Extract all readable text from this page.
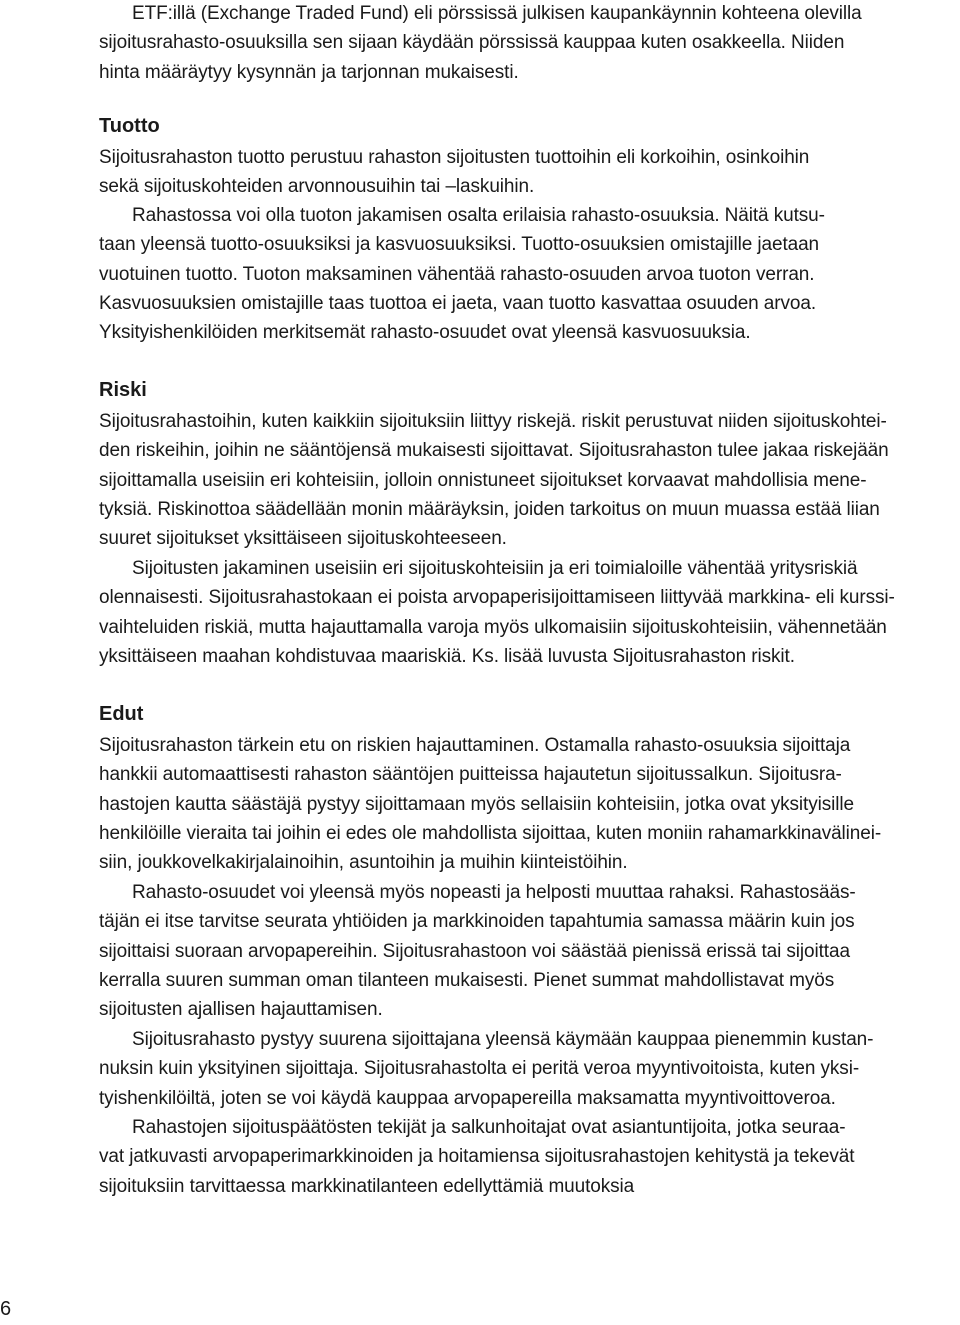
ETF:illä (Exchange Traded Fund) eli pörssissä julkisen kaupankäynnin kohteena olevilla
sijoitusrahasto-osuuksilla sen sijaan käydään pörssissä kauppaa kuten osakkeella. Niiden
hinta määräytyy kysynnän ja tarjonnan mukaisesti.

Tuotto

Sijoitusrahaston tuotto perustuu rahaston sijoitusten tuottoihin eli korkoihin, osinkoihin
sekä sijoituskohteiden arvonnousuihin tai –laskuihin.

Rahastossa voi olla tuoton jakamisen osalta erilaisia rahasto-osuuksia. Näitä kutsu-
taan yleensä tuotto-osuuksiksi ja kasvuosuuksiksi. Tuotto-osuuksien omistajille jaetaan
vuotuinen tuotto. Tuoton maksaminen vähentää rahasto-osuuden arvoa tuoton verran.
Kasvuosuuksien omistajille taas tuottoa ei jaeta, vaan tuotto kasvattaa osuuden arvoa.
Yksityishenkilöiden merkitsemät rahasto-osuudet ovat yleensä kasvuosuuksia.

Riski

Sijoitusrahastoihin, kuten kaikkiin sijoituksiin liittyy riskejä. riskit perustuvat niiden sijoituskohtei-
den riskeihin, joihin ne sääntöjensä mukaisesti sijoittavat. Sijoitusrahaston tulee jakaa riskejään
sijoittamalla useisiin eri kohteisiin, jolloin onnistuneet sijoitukset korvaavat mahdollisia mene-
tyksiä. Riskinottoa säädellään monin määräyksin, joiden tarkoitus on muun muassa estää liian
suuret sijoitukset yksittäiseen sijoituskohteeseen.

Sijoitusten jakaminen useisiin eri sijoituskohteisiin ja eri toimialoille vähentää yritysriskiä
olennaisesti. Sijoitusrahastokaan ei poista arvopaperisijoittamiseen liittyvää markkina- eli kurssi-
vaihteluiden riskiä, mutta hajauttamalla varoja myös ulkomaisiin sijoituskohteisiin, vähennetään
yksittäiseen maahan kohdistuvaa maariskiä. Ks. lisää luvusta Sijoitusrahaston riskit.

Edut

Sijoitusrahaston tärkein etu on riskien hajauttaminen. Ostamalla rahasto-osuuksia sijoittaja
hankkii automaattisesti rahaston sääntöjen puitteissa hajautetun sijoitussalkun. Sijoitusra-
hastojen kautta säästäjä pystyy sijoittamaan myös sellaisiin kohteisiin, jotka ovat yksityisille
henkilöille vieraita tai joihin ei edes ole mahdollista sijoittaa, kuten moniin rahamarkkinavälinei-
siin, joukkovelkakirjalainoihin, asuntoihin ja muihin kiinteistöihin.

Rahasto-osuudet voi yleensä myös nopeasti ja helposti muuttaa rahaksi. Rahastosääs-
täjän ei itse tarvitse seurata yhtiöiden ja markkinoiden tapahtumia samassa määrin kuin jos
sijoittaisi suoraan arvopapereihin. Sijoitusrahastoon voi säästää pienissä erissä tai sijoittaa
kerralla suuren summan oman tilanteen mukaisesti. Pienet summat mahdollistavat myös
sijoitusten ajallisen hajauttamisen.

Sijoitusrahasto pystyy suurena sijoittajana yleensä käymään kauppaa pienemmin kustan-
nuksin kuin yksityinen sijoittaja. Sijoitusrahastolta ei peritä veroa myyntivoitoista, kuten yksi-
tyishenkilöiltä, joten se voi käydä kauppaa arvopapereilla maksamatta myyntivoittoveroa.

Rahastojen sijoituspäätösten tekijät ja salkunhoitajat ovat asiantuntijoita, jotka seuraa-
vat jatkuvasti arvopaperimarkkinoiden ja hoitamiensa sijoitusrahastojen kehitystä ja tekevät
sijoituksiin tarvittaessa markkinatilanteen edellyttämiä muutoksia

6
